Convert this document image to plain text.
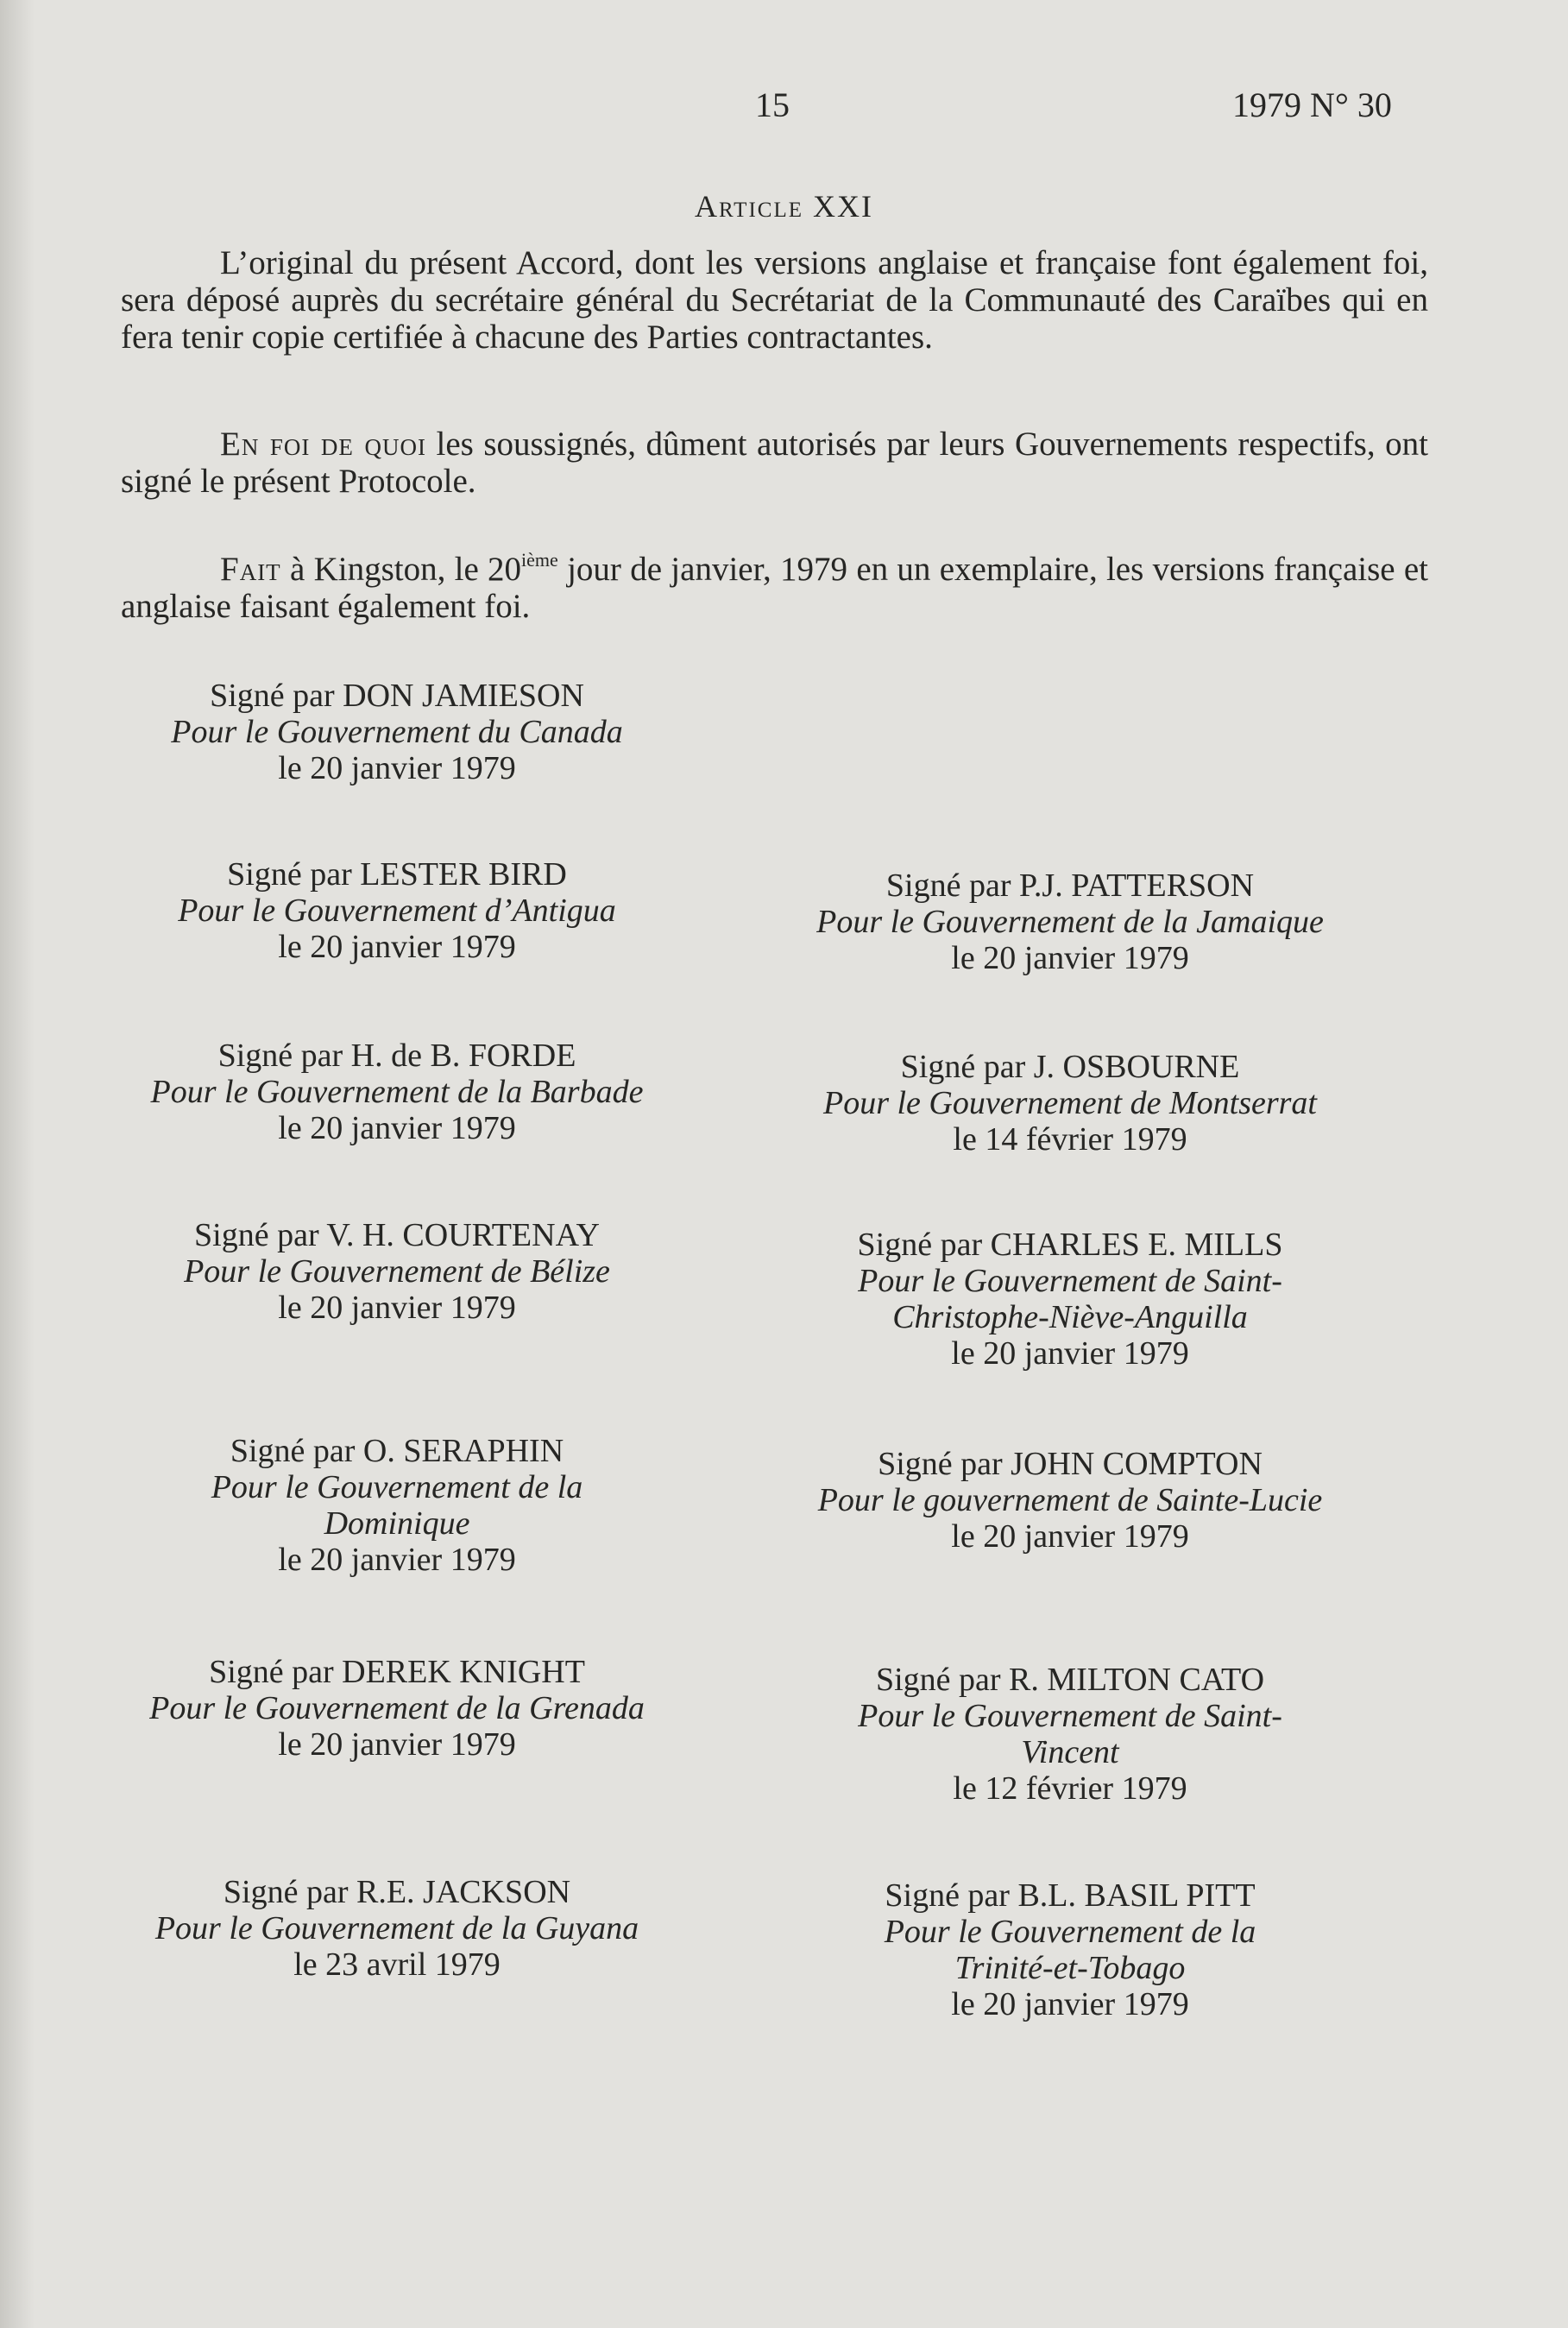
15	1979 N° 30
Article XXI

L’original du présent Accord, dont les versions anglaise et française font également foi, sera déposé auprès du secrétaire général du Secrétariat de la Communauté des Caraïbes qui en fera tenir copie certifiée à chacune des Parties contractantes.

En foi de quoi les soussignés, dûment autorisés par leurs Gouvernements respectifs, ont signé le présent Protocole.

Fait à Kingston, le 20ième jour de janvier, 1979 en un exemplaire, les versions française et anglaise faisant également foi.

Signé par DON JAMIESON
Pour le Gouvernement du Canada
le 20 janvier 1979
Signé par LESTER BIRD
Pour le Gouvernement d’Antigua
le 20 janvier 1979
Signé par P.J. PATTERSON
Pour le Gouvernement de la Jamaique
le 20 janvier 1979
Signé par H. de B. FORDE
Pour le Gouvernement de la Barbade
le 20 janvier 1979
Signé par J. OSBOURNE
Pour le Gouvernement de Montserrat
le 14 février 1979
Signé par V. H. COURTENAY
Pour le Gouvernement de Bélize
le 20 janvier 1979
Signé par CHARLES E. MILLS
Pour le Gouvernement de Saint-
Christophe-Niève-Anguilla
le 20 janvier 1979
Signé par O. SERAPHIN
Pour le Gouvernement de la
Dominique
le 20 janvier 1979
Signé par JOHN COMPTON
Pour le gouvernement de Sainte-Lucie
le 20 janvier 1979
Signé par DEREK KNIGHT
Pour le Gouvernement de la Grenada
le 20 janvier 1979
Signé par R. MILTON CATO
Pour le Gouvernement de Saint-
Vincent
le 12 février 1979
Signé par R.E. JACKSON
Pour le Gouvernement de la Guyana
le 23 avril 1979
Signé par B.L. BASIL PITT
Pour le Gouvernement de la
Trinité-et-Tobago
le 20 janvier 1979
